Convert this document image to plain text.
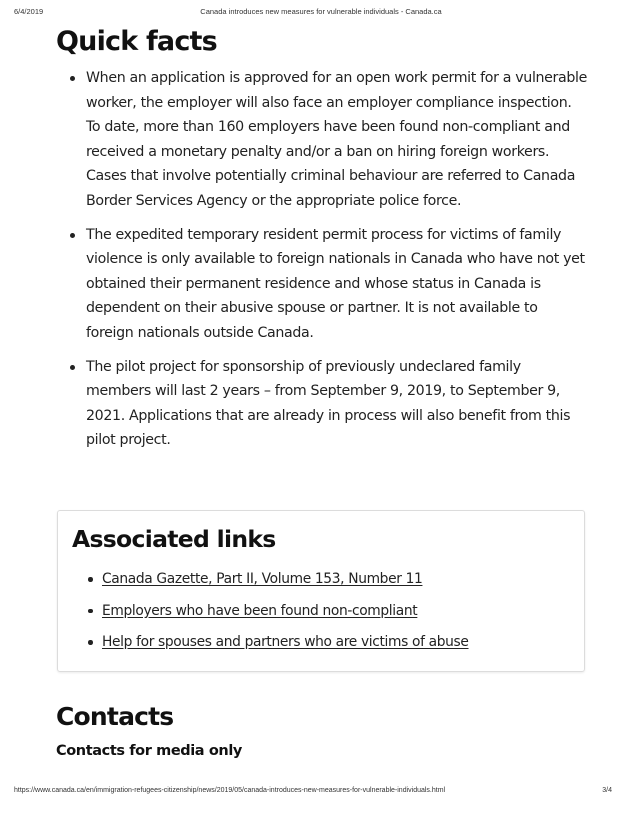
6/4/2019	Canada introduces new measures for vulnerable individuals - Canada.ca
Quick facts
When an application is approved for an open work permit for a vulnerable worker, the employer will also face an employer compliance inspection. To date, more than 160 employers have been found non-compliant and received a monetary penalty and/or a ban on hiring foreign workers. Cases that involve potentially criminal behaviour are referred to Canada Border Services Agency or the appropriate police force.
The expedited temporary resident permit process for victims of family violence is only available to foreign nationals in Canada who have not yet obtained their permanent residence and whose status in Canada is dependent on their abusive spouse or partner. It is not available to foreign nationals outside Canada.
The pilot project for sponsorship of previously undeclared family members will last 2 years – from September 9, 2019, to September 9, 2021. Applications that are already in process will also benefit from this pilot project.
Associated links
Canada Gazette, Part II, Volume 153, Number 11
Employers who have been found non-compliant
Help for spouses and partners who are victims of abuse
Contacts
Contacts for media only
https://www.canada.ca/en/immigration-refugees-citizenship/news/2019/05/canada-introduces-new-measures-for-vulnerable-individuals.html	3/4
